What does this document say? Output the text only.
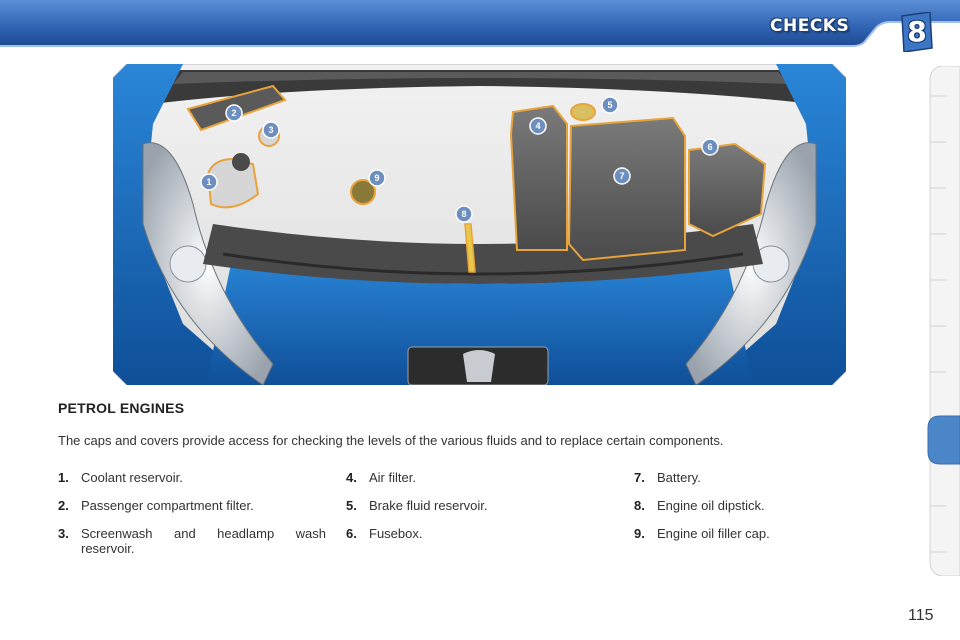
CHECKS 8
1
2
3	4
5
6
7
8
9
PETROL ENGINES
The caps and covers provide access for checking the levels of the various fluids and to replace certain components.
1. Coolant reservoir.
2. Passenger compartment filter.
3. Screenwash and headlamp wash reservoir.
4. Air filter.
5. Brake fluid reservoir.
6. Fusebox.
7. Battery.
8. Engine oil dipstick.
9. Engine oil filler cap.
115
